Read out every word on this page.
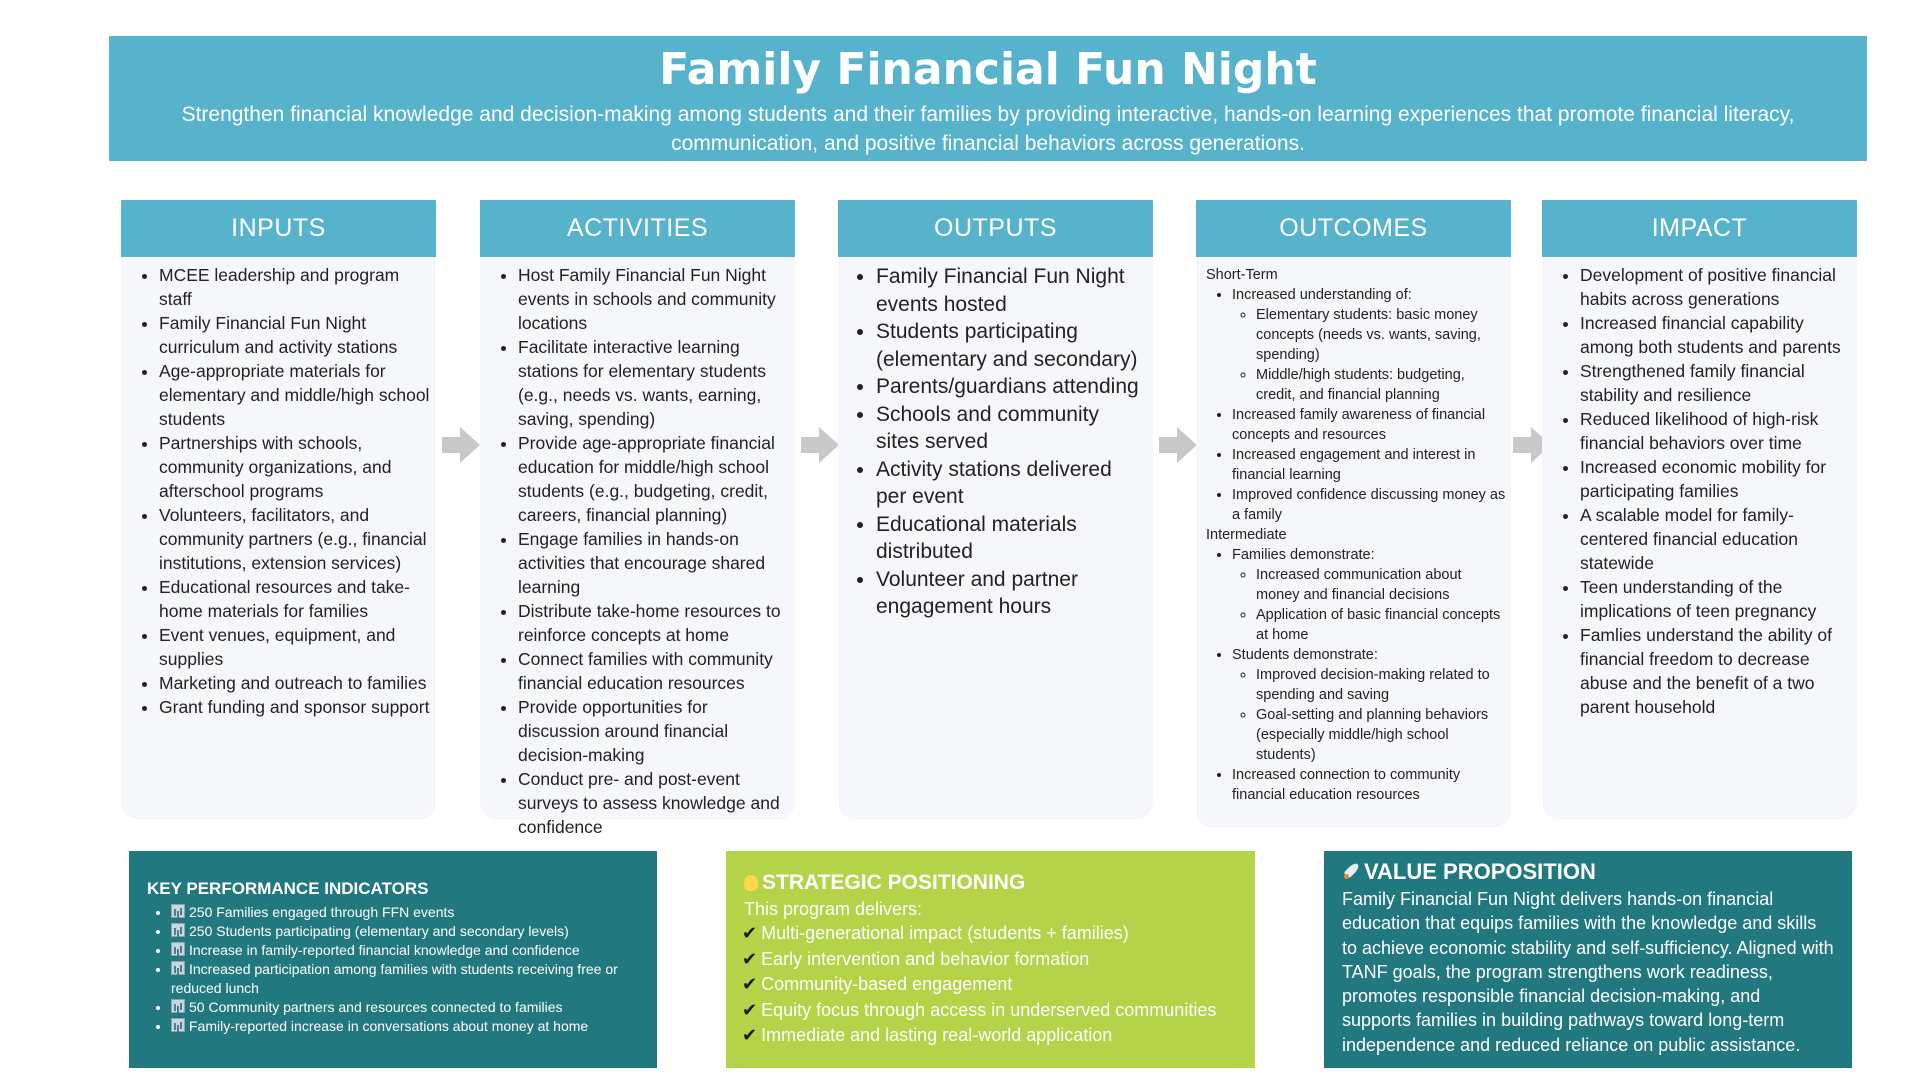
Family Financial Fun Night
Strengthen financial knowledge and decision-making among students and their families by providing interactive, hands-on learning experiences that promote financial literacy, communication, and positive financial behaviors across generations.
INPUTS
• MCEE leadership and program staff
• Family Financial Fun Night curriculum and activity stations
• Age-appropriate materials for elementary and middle/high school students
• Partnerships with schools, community organizations, and afterschool programs
• Volunteers, facilitators, and community partners (e.g., financial institutions, extension services)
• Educational resources and take-home materials for families
• Event venues, equipment, and supplies
• Marketing and outreach to families
• Grant funding and sponsor support
ACTIVITIES
• Host Family Financial Fun Night events in schools and community locations
• Facilitate interactive learning stations for elementary students (e.g., needs vs. wants, earning, saving, spending)
• Provide age-appropriate financial education for middle/high school students (e.g., budgeting, credit, careers, financial planning)
• Engage families in hands-on activities that encourage shared learning
• Distribute take-home resources to reinforce concepts at home
• Connect families with community financial education resources
• Provide opportunities for discussion around financial decision-making
• Conduct pre- and post-event surveys to assess knowledge and confidence
OUTPUTS
• Family Financial Fun Night events hosted
• Students participating (elementary and secondary)
• Parents/guardians attending
• Schools and community sites served
• Activity stations delivered per event
• Educational materials distributed
• Volunteer and partner engagement hours
OUTCOMES
Short-Term
• Increased understanding of:
◦ Elementary students: basic money concepts (needs vs. wants, saving, spending)
◦ Middle/high students: budgeting, credit, and financial planning
• Increased family awareness of financial concepts and resources
• Increased engagement and interest in financial learning
• Improved confidence discussing money as a family
Intermediate
• Families demonstrate:
◦ Increased communication about money and financial decisions
◦ Application of basic financial concepts at home
• Students demonstrate:
◦ Improved decision-making related to spending and saving
◦ Goal-setting and planning behaviors (especially middle/high school students)
• Increased connection to community financial education resources
IMPACT
• Development of positive financial habits across generations
• Increased financial capability among both students and parents
• Strengthened family financial stability and resilience
• Reduced likelihood of high-risk financial behaviors over time
• Increased economic mobility for participating families
• A scalable model for family-centered financial education statewide
• Teen understanding of the implications of teen pregnancy
• Famlies understand the ability of financial freedom to decrease abuse and the benefit of a two parent household
KEY PERFORMANCE INDICATORS
• 250 Families engaged through FFN events
• 250 Students participating (elementary and secondary levels)
• Increase in family-reported financial knowledge and confidence
• Increased participation among families with students receiving free or reduced lunch
• 50 Community partners and resources connected to families
• Family-reported increase in conversations about money at home
STRATEGIC POSITIONING
This program delivers:
✔ Multi-generational impact (students + families)
✔ Early intervention and behavior formation
✔ Community-based engagement
✔ Equity focus through access in underserved communities
✔ Immediate and lasting real-world application
VALUE PROPOSITION

Family Financial Fun Night delivers hands-on financial education that equips families with the knowledge and skills to achieve economic stability and self-sufficiency. Aligned with TANF goals, the program strengthens work readiness, promotes responsible financial decision-making, and supports families in building pathways toward long-term independence and reduced reliance on public assistance.
